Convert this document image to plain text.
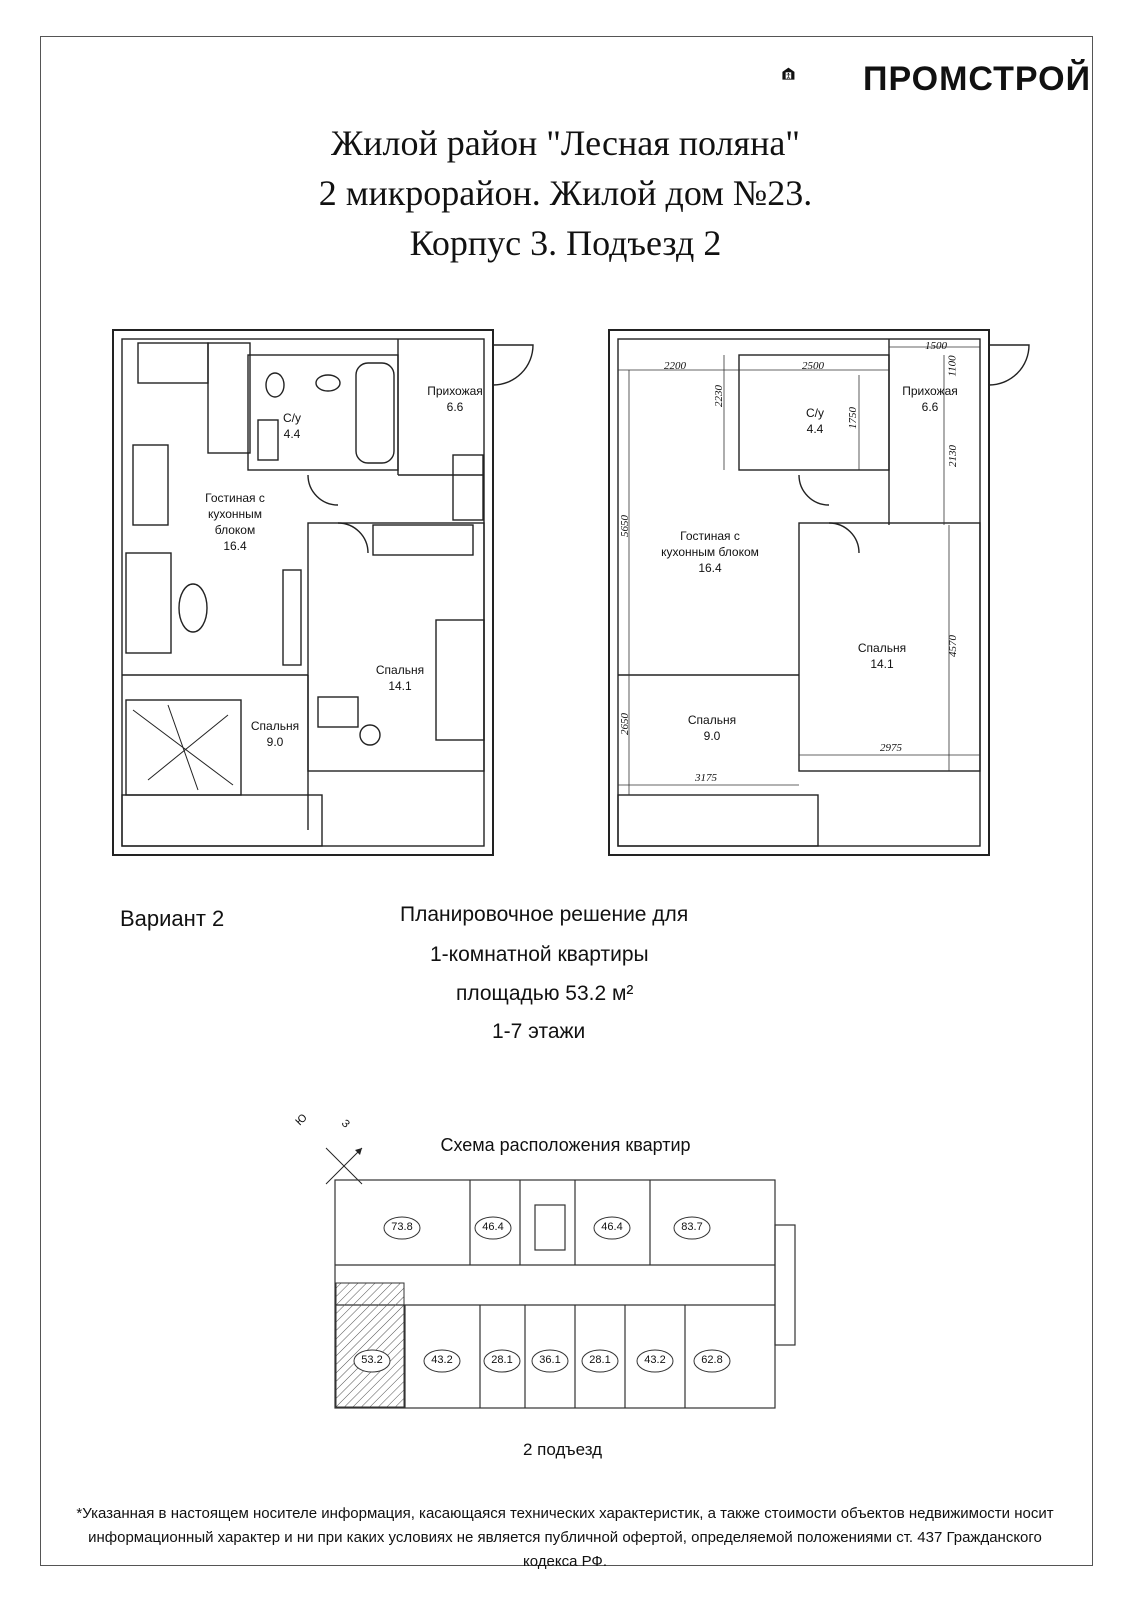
ПРОМСТРОЙ
Жилой район "Лесная поляна"
2 микрорайон. Жилой дом №23.
Корпус 3. Подъезд 2
Прихожая
6.6
С/у
4.4
Гостиная с
кухонным
блоком
16.4
Спальня
14.1
Спальня
9.0
2200
2230
2500
1500
1100
1750
2130
5650
4570
2650
3175
2975
Прихожая
6.6
С/у
4.4
Гостиная с кухонным блоком
16.4
Спальня
14.1
Спальня
9.0
Вариант 2	Планировочное решение для
1-комнатной квартиры
площадью 53.2 м²
1-7 этажи
Схема расположения квартир
Ю	З
73.8	46.4	46.4	83.7
53.2	43.2	28.1	36.1	28.1	43.2	62.8
2 подъезд
*Указанная в настоящем носителе информация, касающаяся технических характеристик, а также стоимости объектов недвижимости носит
информационный характер и ни при каких условиях не является публичной офертой, определяемой положениями ст. 437 Гражданского кодекса РФ.
